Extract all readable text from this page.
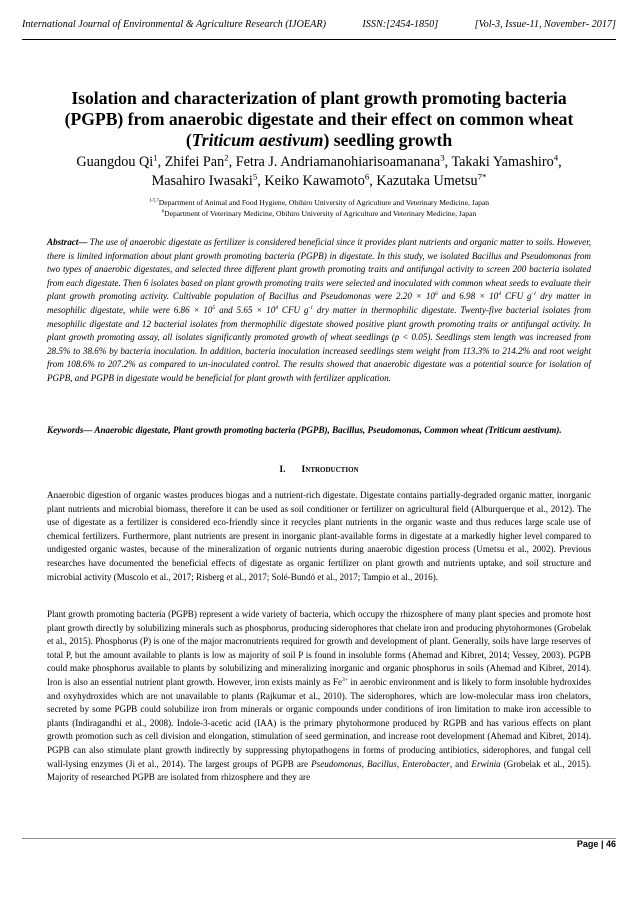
International Journal of Environmental & Agriculture Research (IJOEAR)	ISSN:[2454-1850]	[Vol-3, Issue-11, November- 2017]
Isolation and characterization of plant growth promoting bacteria (PGPB) from anaerobic digestate and their effect on common wheat (Triticum aestivum) seedling growth
Guangdou Qi$^1$, Zhifei Pan$^2$, Fetra J. Andriamanohiarisoamanana$^3$, Takaki Yamashiro$^4$,
Masahiro Iwasaki$^5$, Keiko Kawamoto$^6$, Kazutaka Umetsu$^{7*}$
$^{1-5,7}$Department of Animal and Food Hygiene, Obihiro University of Agriculture and Veterinary Medicine, Japan
$^6$Department of Veterinary Medicine, Obihiro University of Agriculture and Veterinary Medicine, Japan
Abstract— The use of anaerobic digestate as fertilizer is considered beneficial since it provides plant nutrients and organic matter to soils. However, there is limited information about plant growth promoting bacteria (PGPB) in digestate. In this study, we isolated Bacillus and Pseudomonas from two types of anaerobic digestates, and selected three different plant growth promoting traits and antifungal activity to screen 200 bacteria isolated from each digestate. Then 6 isolates based on plant growth promoting traits were selected and inoculated with common wheat seeds to evaluate their plant growth promoting activity. Cultivable population of Bacillus and Pseudomonas were $2.20 \times 10^6$ and $6.98 \times 10^4$ CFU $g^{-1}$ dry matter in mesophilic digestate, while were $6.86 \times 10^5$ and $5.65 \times 10^4$ CFU $g^{-1}$ dry matter in thermophilic digestate. Twenty-five bacterial isolates from mesophilic digestate and 12 bacterial isolates from thermophilic digestate showed positive plant growth promoting traits or antifungal activity. In plant growth promoting assay, all isolates significantly promoted growth of wheat seedlings (p < 0.05). Seedlings stem length was increased from 28.5% to 38.6% by bacteria inoculation. In addition, bacteria inoculation increased seedlings stem weight from 113.3% to 214.2% and root weight from 108.6% to 207.2% as compared to un-inoculated control. The results showed that anaerobic digestate was a potential source for isolation of PGPB, and PGPB in digestate would be beneficial for plant growth with fertilizer application.
Keywords— Anaerobic digestate, Plant growth promoting bacteria (PGPB), Bacillus, Pseudomonas, Common wheat (Triticum aestivum).
I. Introduction
Anaerobic digestion of organic wastes produces biogas and a nutrient-rich digestate. Digestate contains partially-degraded organic matter, inorganic plant nutrients and microbial biomass, therefore it can be used as soil conditioner or fertilizer on agricultural field (Alburquerque et al., 2012). The use of digestate as a fertilizer is considered eco-friendly since it recycles plant nutrients in the organic waste and thus reduces large scale use of chemical fertilizers. Furthermore, plant nutrients are present in inorganic plant-available forms in digestate at a markedly higher level compared to undigested organic wastes, because of the mineralization of organic nutrients during anaerobic digestion process (Umetsu et al., 2002). Previous researches have documented the beneficial effects of digestate as organic fertilizer on plant growth and nutrients uptake, and soil structure and microbial activity (Muscolo et al., 2017; Risberg et al., 2017; Solé-Bundó et al., 2017; Tampio et al., 2016).
Plant growth promoting bacteria (PGPB) represent a wide variety of bacteria, which occupy the rhizosphere of many plant species and promote host plant growth directly by solubilizing minerals such as phosphorus, producing siderophores that chelate iron and producing phytohormones (Grobelak et al., 2015). Phosphorus (P) is one of the major macronutrients required for growth and development of plant. Generally, soils have large reserves of total P, but the amount available to plants is low as majority of soil P is found in insoluble forms (Ahemad and Kibret, 2014; Vessey, 2003). PGPB could make phosphorus available to plants by solubilizing and mineralizing inorganic and organic phosphorus in soils (Ahemad and Kibret, 2014). Iron is also an essential nutrient plant growth. However, iron exists mainly as $Fe^{3+}$ in aerobic environment and is likely to form insoluble hydroxides and oxyhydroxides which are not unavailable to plants (Rajkumar et al., 2010). The siderophores, which are low-molecular mass iron chelators, secreted by some PGPB could solubilize iron from minerals or organic compounds under conditions of iron limitation to make iron accessible to plants (Indiragandhi et al., 2008). Indole-3-acetic acid (IAA) is the primary phytohormone produced by RGPB and has various effects on plant growth promotion such as cell division and elongation, stimulation of seed germination, and increase root development (Ahemad and Kibret, 2014). PGPB can also stimulate plant growth indirectly by suppressing phytopathogens in forms of producing antibiotics, siderophores, and fungal cell wall-lysing enzymes (Ji et al., 2014). The largest groups of PGPB are Pseudomonas, Bacillus, Enterobacter, and Erwinia (Grobelak et al., 2015). Majority of researched PGPB are isolated from rhizosphere and they are
Page | 46
